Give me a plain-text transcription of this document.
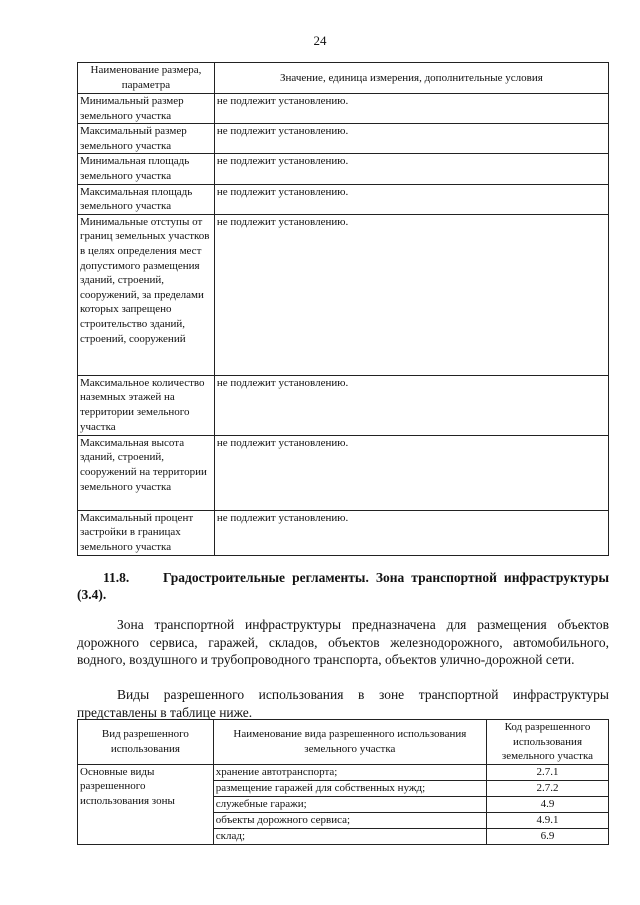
24
Наименование размера, параметра	Значение, единица измерения, дополнительные условия
Минимальный размер земельного участка	не подлежит установлению.
Максимальный размер земельного участка	не подлежит установлению.
Минимальная площадь земельного участка	не подлежит установлению.
Максимальная площадь земельного участка	не подлежит установлению.
Минимальные отступы от границ земельных участков в целях определения мест допустимого размещения зданий, строений, сооружений, за пределами которых запрещено строительство зданий, строений, сооружений	не подлежит установлению.
Максимальное количество наземных этажей на территории земельного участка	не подлежит установлению.
Максимальная высота зданий, строений, сооружений на территории земельного участка	не подлежит установлению.
Максимальный процент застройки в границах земельного участка	не подлежит установлению.
11.8. Градостроительные регламенты. Зона транспортной инфраструктуры (3.4).
Зона транспортной инфраструктуры предназначена для размещения объектов дорожного сервиса, гаражей, складов, объектов железнодорожного, автомобильного, водного, воздушного и трубопроводного транспорта, объектов улично-дорожной сети.
Виды разрешенного использования в зоне транспортной инфраструктуры представлены в таблице ниже.
Вид разрешенного использования	Наименование вида разрешенного использования земельного участка	Код разрешенного использования земельного участка
Основные виды разрешенного использования зоны	хранение автотранспорта;	2.7.1
	размещение гаражей для собственных нужд;	2.7.2
	служебные гаражи;	4.9
	объекты дорожного сервиса;	4.9.1
	склад;	6.9
